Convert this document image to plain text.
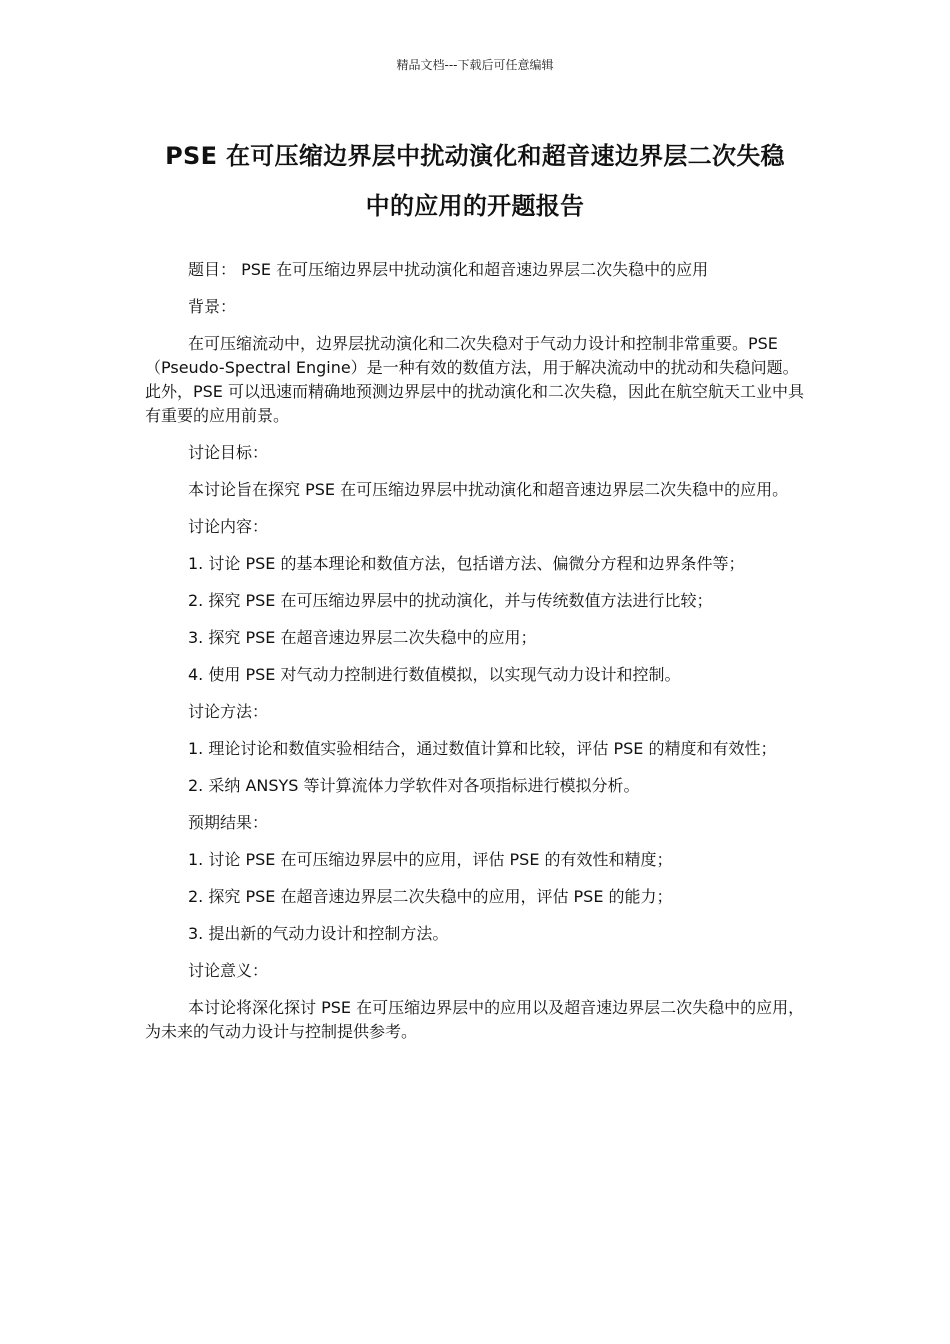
精品文档---下载后可任意编辑
PSE 在可压缩边界层中扰动演化和超音速边界层二次失稳
中的应用的开题报告

题目： PSE 在可压缩边界层中扰动演化和超音速边界层二次失稳中的应用

背景：

在可压缩流动中，边界层扰动演化和二次失稳对于气动力设计和控制非常重要。PSE（Pseudo-Spectral Engine）是一种有效的数值方法，用于解决流动中的扰动和失稳问题。此外，PSE 可以迅速而精确地预测边界层中的扰动演化和二次失稳，因此在航空航天工业中具有重要的应用前景。

讨论目标：

本讨论旨在探究 PSE 在可压缩边界层中扰动演化和超音速边界层二次失稳中的应用。

讨论内容：

1. 讨论 PSE 的基本理论和数值方法，包括谱方法、偏微分方程和边界条件等；

2. 探究 PSE 在可压缩边界层中的扰动演化，并与传统数值方法进行比较；

3. 探究 PSE 在超音速边界层二次失稳中的应用；

4. 使用 PSE 对气动力控制进行数值模拟，以实现气动力设计和控制。

讨论方法：

1. 理论讨论和数值实验相结合，通过数值计算和比较，评估 PSE 的精度和有效性；

2. 采纳 ANSYS 等计算流体力学软件对各项指标进行模拟分析。

预期结果：

1. 讨论 PSE 在可压缩边界层中的应用，评估 PSE 的有效性和精度；

2. 探究 PSE 在超音速边界层二次失稳中的应用，评估 PSE 的能力；

3. 提出新的气动力设计和控制方法。

讨论意义：

本讨论将深化探讨 PSE 在可压缩边界层中的应用以及超音速边界层二次失稳中的应用，为未来的气动力设计与控制提供参考。
